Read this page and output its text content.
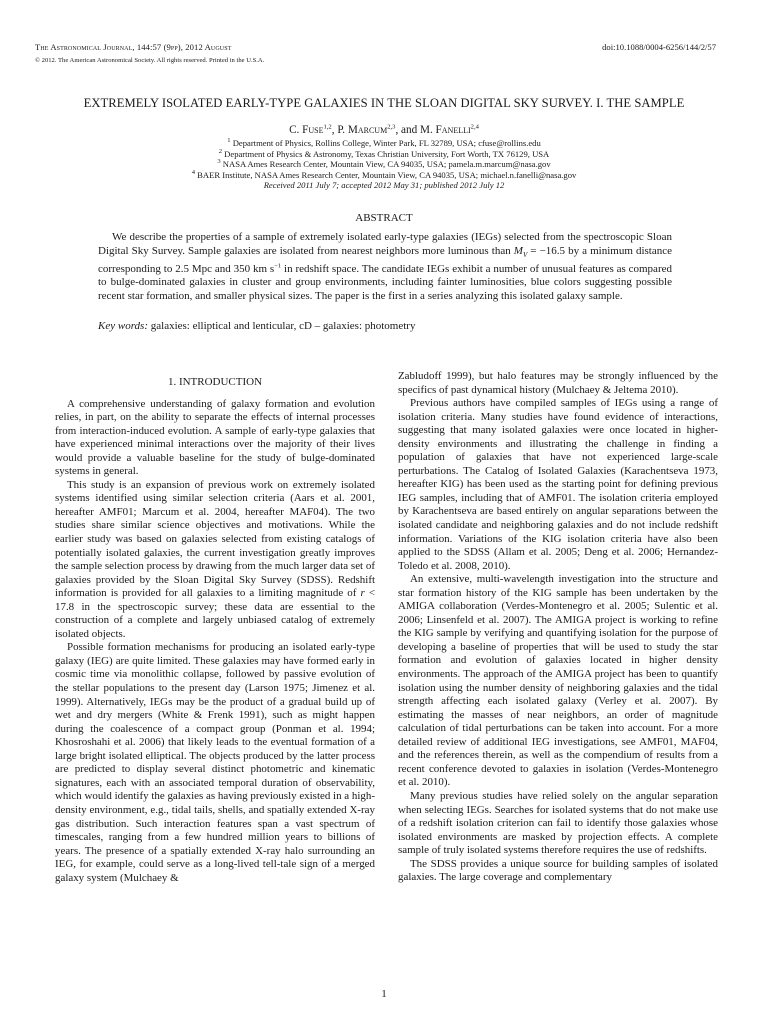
The Astronomical Journal, 144:57 (9pp), 2012 August
© 2012. The American Astronomical Society. All rights reserved. Printed in the U.S.A.
doi:10.1088/0004-6256/144/2/57
EXTREMELY ISOLATED EARLY-TYPE GALAXIES IN THE SLOAN DIGITAL SKY SURVEY. I. THE SAMPLE
C. Fuse$^{1,2}$, P. Marcum$^{2,3}$, and M. Fanelli$^{2,4}$
$^1$ Department of Physics, Rollins College, Winter Park, FL 32789, USA; cfuse@rollins.edu
$^2$ Department of Physics & Astronomy, Texas Christian University, Fort Worth, TX 76129, USA
$^3$ NASA Ames Research Center, Mountain View, CA 94035, USA; pamela.m.marcum@nasa.gov
$^4$ BAER Institute, NASA Ames Research Center, Mountain View, CA 94035, USA; michael.n.fanelli@nasa.gov
Received 2011 July 7; accepted 2012 May 31; published 2012 July 12
ABSTRACT
We describe the properties of a sample of extremely isolated early-type galaxies (IEGs) selected from the spectroscopic Sloan Digital Sky Survey. Sample galaxies are isolated from nearest neighbors more luminous than $M_V = -16.5$ by a minimum distance corresponding to 2.5 Mpc and 350 km $s^{-1}$ in redshift space. The candidate IEGs exhibit a number of unusual features as compared to bulge-dominated galaxies in cluster and group environments, including fainter luminosities, blue colors suggesting possible recent star formation, and smaller physical sizes. The paper is the first in a series analyzing this isolated galaxy sample.
Key words: galaxies: elliptical and lenticular, cD – galaxies: photometry
1. INTRODUCTION

A comprehensive understanding of galaxy formation and evolution relies, in part, on the ability to separate the effects of internal processes from interaction-induced evolution. A sample of early-type galaxies that have experienced minimal interactions over the majority of their lives would provide a valuable baseline for the study of bulge-dominated systems in general.

This study is an expansion of previous work on extremely isolated systems identified using similar selection criteria (Aars et al. 2001, hereafter AMF01; Marcum et al. 2004, hereafter MAF04). The two studies share similar science objectives and motivations. While the earlier study was based on galaxies selected from existing catalogs of potentially isolated galaxies, the current investigation greatly improves the sample selection process by drawing from the much larger data set of galaxies provided by the Sloan Digital Sky Survey (SDSS). Redshift information is provided for all galaxies to a limiting magnitude of r < 17.8 in the spectroscopic survey; these data are essential to the construction of a complete and largely unbiased catalog of extremely isolated objects.

Possible formation mechanisms for producing an isolated early-type galaxy (IEG) are quite limited. These galaxies may have formed early in cosmic time via monolithic collapse, followed by passive evolution of the stellar populations to the present day (Larson 1975; Jimenez et al. 1999). Alternatively, IEGs may be the product of a gradual build up of wet and dry mergers (White & Frenk 1991), such as might happen during the coalescence of a compact group (Ponman et al. 1994; Khosroshahi et al. 2006) that likely leads to the eventual formation of a large bright isolated elliptical. The objects produced by the latter process are predicted to display several distinct photometric and kinematic signatures, each with an associated temporal duration of observability, which would identify the galaxies as having previously existed in a high-density environment, e.g., tidal tails, shells, and spatially extended X-ray gas distribution. Such interaction features span a vast spectrum of timescales, ranging from a few hundred million years to billions of years. The presence of a spatially extended X-ray halo surrounding an IEG, for example, could serve as a long-lived tell-tale sign of a merged galaxy system (Mulchaey &

Zabludoff 1999), but halo features may be strongly influenced by the specifics of past dynamical history (Mulchaey & Jeltema 2010).

Previous authors have compiled samples of IEGs using a range of isolation criteria. Many studies have found evidence of interactions, suggesting that many isolated galaxies were once located in higher-density environments and illustrating the challenge in finding a population of galaxies that have not experienced large-scale perturbations. The Catalog of Isolated Galaxies (Karachentseva 1973, hereafter KIG) has been used as the starting point for defining previous IEG samples, including that of AMF01. The isolation criteria employed by Karachentseva are based entirely on angular separations between the isolated candidate and neighboring galaxies and do not include redshift information. Variations of the KIG isolation criteria have also been applied to the SDSS (Allam et al. 2005; Deng et al. 2006; Hernandez-Toledo et al. 2008, 2010).

An extensive, multi-wavelength investigation into the structure and star formation history of the KIG sample has been undertaken by the AMIGA collaboration (Verdes-Montenegro et al. 2005; Sulentic et al. 2006; Linsenfeld et al. 2007). The AMIGA project is working to refine the KIG sample by verifying and quantifying isolation for the purpose of developing a baseline of properties that will be used to study the star formation and evolution of galaxies located in higher density environments. The approach of the AMIGA project has been to quantify isolation using the number density of neighboring galaxies and the tidal strength affecting each isolated galaxy (Verley et al. 2007). By estimating the masses of near neighbors, an order of magnitude calculation of tidal perturbations can be taken into account. For a more detailed review of additional IEG investigations, see AMF01, MAF04, and the references therein, as well as the compendium of results from a recent conference devoted to galaxies in isolation (Verdes-Montenegro et al. 2010).

Many previous studies have relied solely on the angular separation when selecting IEGs. Searches for isolated systems that do not make use of a redshift isolation criterion can fail to identify those galaxies whose isolated environments are masked by projection effects. A complete sample of truly isolated systems therefore requires the use of redshifts.

The SDSS provides a unique source for building samples of isolated galaxies. The large coverage and complementary

1
